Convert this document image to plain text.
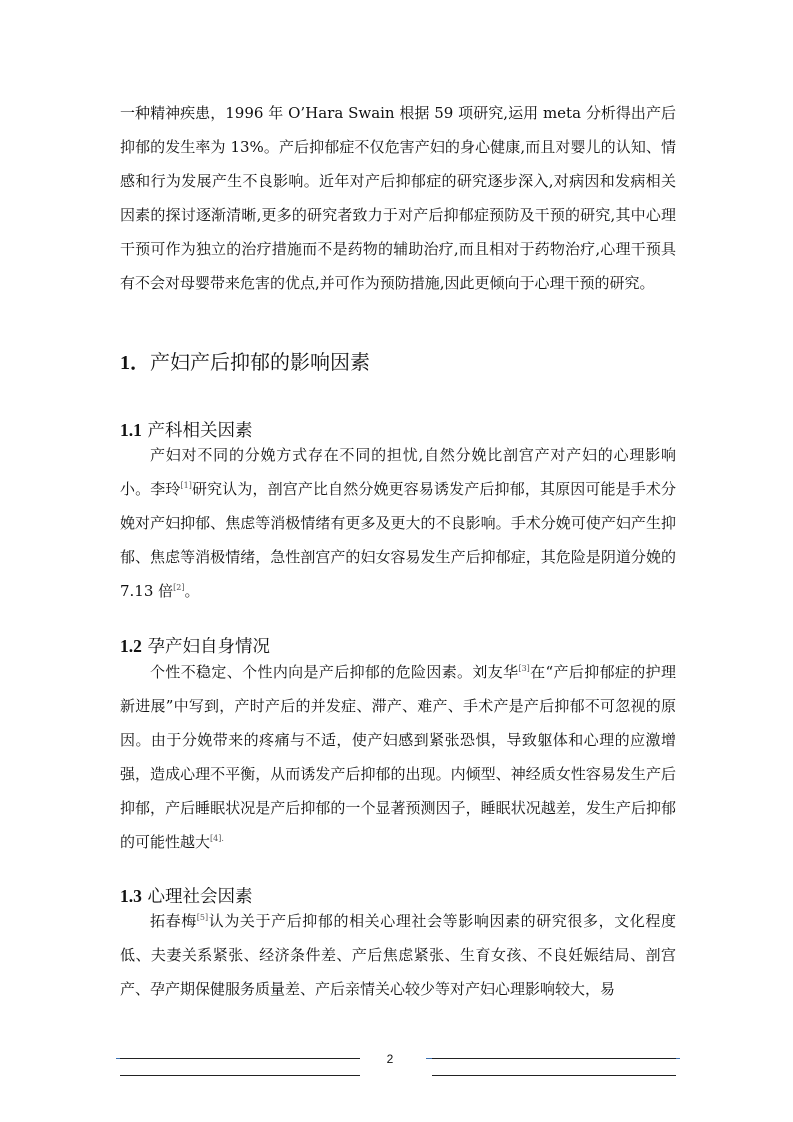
一种精神疾患，1996 年 O’Hara Swain 根据 59 项研究,运用 meta 分析得出产后抑郁的发生率为 13%。产后抑郁症不仅危害产妇的身心健康,而且对婴儿的认知、情感和行为发展产生不良影响。近年对产后抑郁症的研究逐步深入,对病因和发病相关因素的探讨逐渐清晰,更多的研究者致力于对产后抑郁症预防及干预的研究,其中心理干预可作为独立的治疗措施而不是药物的辅助治疗,而且相对于药物治疗,心理干预具有不会对母婴带来危害的优点,并可作为预防措施,因此更倾向于心理干预的研究。

1．产妇产后抑郁的影响因素
1.1 产科相关因素

产妇对不同的分娩方式存在不同的担忧,自然分娩比剖宫产对产妇的心理影响小。李玲[1]研究认为，剖宫产比自然分娩更容易诱发产后抑郁，其原因可能是手术分娩对产妇抑郁、焦虑等消极情绪有更多及更大的不良影响。手术分娩可使产妇产生抑郁、焦虑等消极情绪，急性剖宫产的妇女容易发生产后抑郁症，其危险是阴道分娩的 7.13 倍[2]。

1.2 孕产妇自身情况

个性不稳定、个性内向是产后抑郁的危险因素。刘友华[3]在“产后抑郁症的护理新进展”中写到，产时产后的并发症、滞产、难产、手术产是产后抑郁不可忽视的原因。由于分娩带来的疼痛与不适，使产妇感到紧张恐惧，导致躯体和心理的应激增强，造成心理不平衡，从而诱发产后抑郁的出现。内倾型、神经质女性容易发生产后抑郁，产后睡眠状况是产后抑郁的一个显著预测因子，睡眠状况越差，发生产后抑郁的可能性越大$^{[4].}$

1.3 心理社会因素

拓春梅[5]认为关于产后抑郁的相关心理社会等影响因素的研究很多，文化程度低、夫妻关系紧张、经济条件差、产后焦虑紧张、生育女孩、不良妊娠结局、剖宫产、孕产期保健服务质量差、产后亲情关心较少等对产妇心理影响较大，易

2
